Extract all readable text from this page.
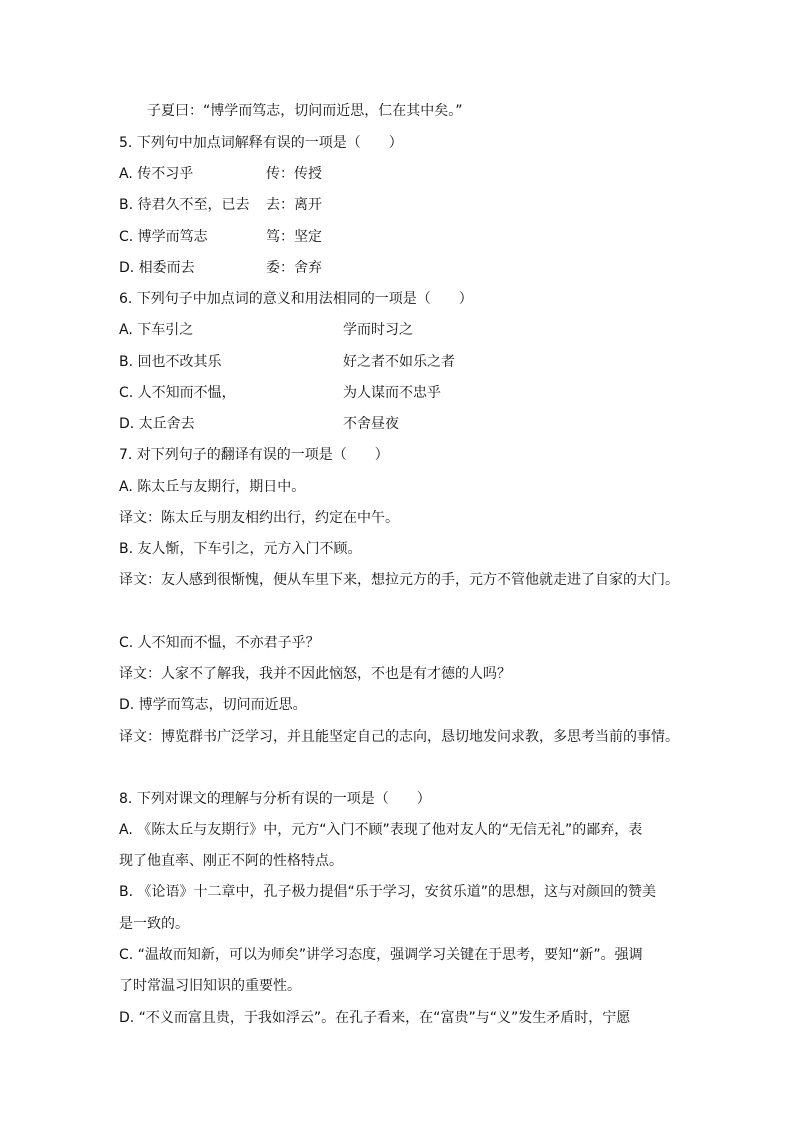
子夏曰：“博学而笃志，切问而近思，仁在其中矣。”
5. 下列句中加点词解释有误的一项是（　　）
A. 传不习乎	传：传授
B. 待君久不至，已去 去：离开
C. 博学而笃志	笃：坚定
D. 相委而去	委：舍弃
6. 下列句子中加点词的意义和用法相同的一项是（　　）
A. 下车引之	学而时习之
B. 回也不改其乐	好之者不如乐之者
C. 人不知而不愠，	为人谋而不忠乎
D. 太丘舍去	不舍昼夜
7. 对下列句子的翻译有误的一项是（　　）
A. 陈太丘与友期行，期日中。
译文：陈太丘与朋友相约出行，约定在中午。
B. 友人惭，下车引之，元方入门不顾。
译文：友人感到很惭愧，便从车里下来，想拉元方的手，元方不管他就走进了自家的大门。
C. 人不知而不愠，不亦君子乎？
译文：人家不了解我，我并不因此恼怒，不也是有才德的人吗？
D. 博学而笃志，切问而近思。
译文：博览群书广泛学习，并且能坚定自己的志向，恳切地发问求教，多思考当前的事情。
8. 下列对课文的理解与分析有误的一项是（　　）
A. 《陈太丘与友期行》中，元方“入门不顾”表现了他对友人的“无信无礼”的鄙弃，表
现了他直率、刚正不阿的性格特点。
B. 《论语》十二章中，孔子极力提倡“乐于学习，安贫乐道”的思想，这与对颜回的赞美
是一致的。
C. “温故而知新，可以为师矣”讲学习态度，强调学习关键在于思考，要知“新”。强调
了时常温习旧知识的重要性。
D. “不义而富且贵，于我如浮云”。在孔子看来，在“富贵”与“义”发生矛盾时，宁愿
